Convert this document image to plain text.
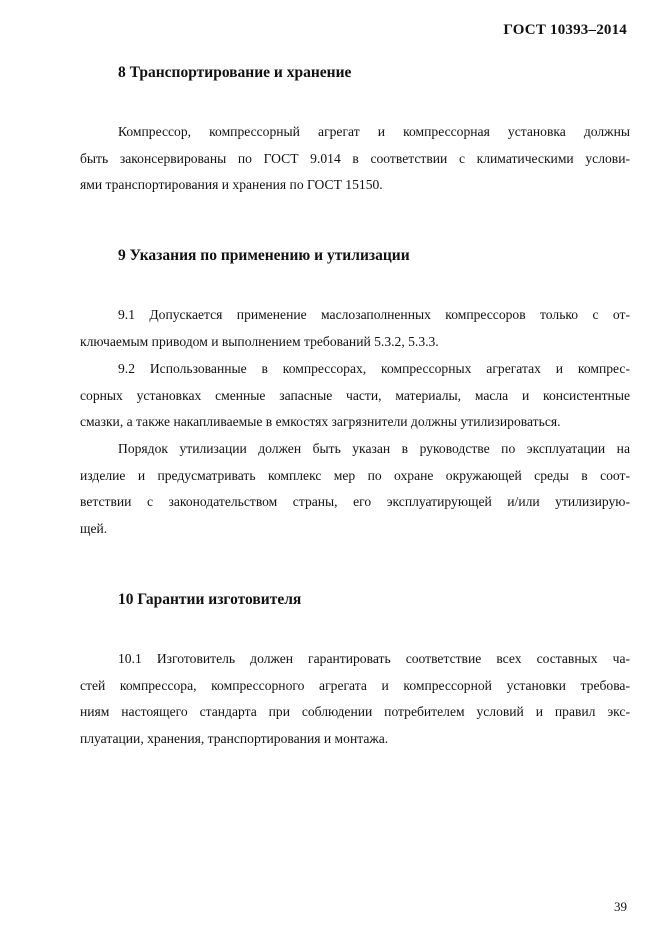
ГОСТ 10393–2014
8 Транспортирование и хранение
Компрессор, компрессорный агрегат и компрессорная установка должны
быть законсервированы по ГОСТ 9.014 в соответствии с климатическими услови-
ями транспортирования и хранения по ГОСТ 15150.
9 Указания по применению и утилизации
9.1 Допускается применение маслозаполненных компрессоров только с от-
ключаемым приводом и выполнением требований 5.3.2, 5.3.3.
9.2 Использованные в компрессорах, компрессорных агрегатах и компрес-
сорных установках сменные запасные части, материалы, масла и консистентные
смазки, а также накапливаемые в емкостях загрязнители должны утилизироваться.
Порядок утилизации должен быть указан в руководстве по эксплуатации на
изделие и предусматривать комплекс мер по охране окружающей среды в соот-
ветствии с законодательством страны, его эксплуатирующей и/или утилизирую-
щей.
10 Гарантии изготовителя
10.1 Изготовитель должен гарантировать соответствие всех составных ча-
стей компрессора, компрессорного агрегата и компрессорной установки требова-
ниям настоящего стандарта при соблюдении потребителем условий и правил экс-
плуатации, хранения, транспортирования и монтажа.
39
